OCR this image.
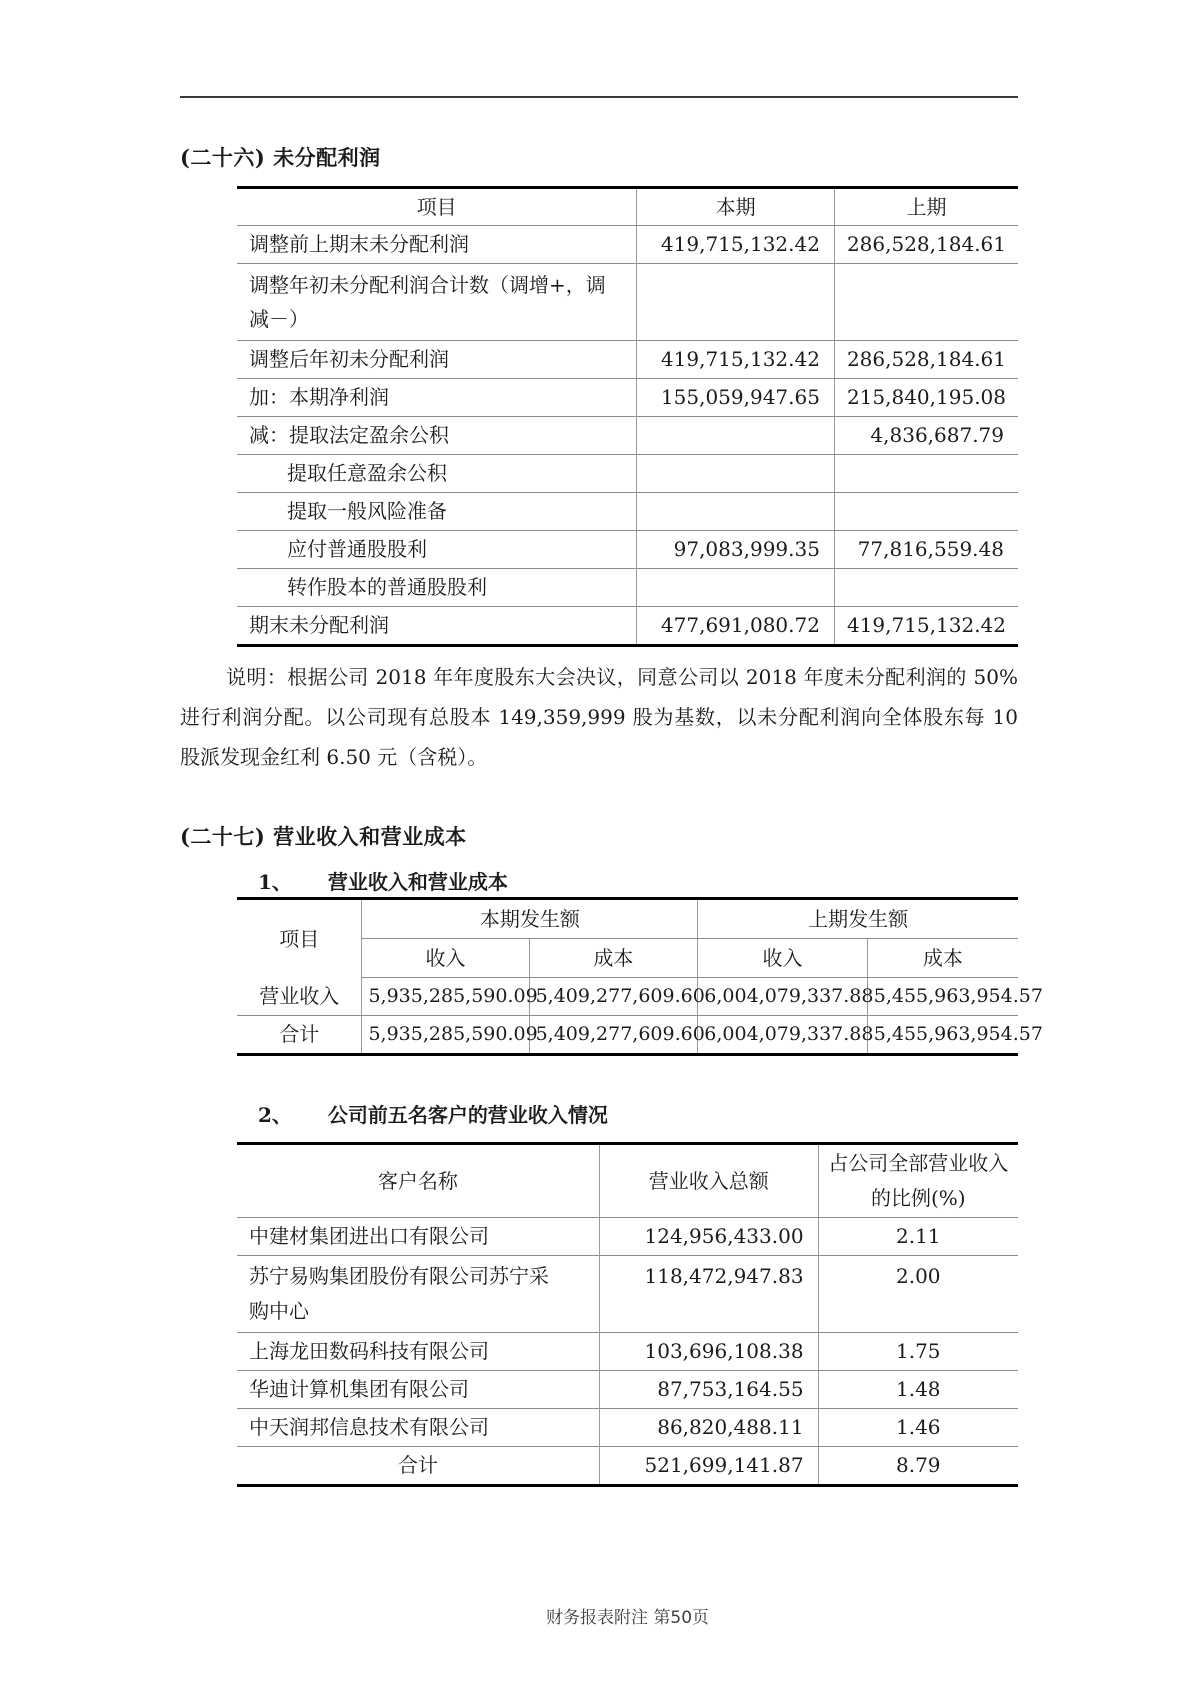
(二十六) 未分配利润
项目	本期	上期
调整前上期末未分配利润	419,715,132.42	286,528,184.61
调整年初未分配利润合计数（调增+，调减－）		
调整后年初未分配利润	419,715,132.42	286,528,184.61
加：本期净利润	155,059,947.65	215,840,195.08
减：提取法定盈余公积		4,836,687.79
提取任意盈余公积		
提取一般风险准备		
应付普通股股利	97,083,999.35	77,816,559.48
转作股本的普通股股利		
期末未分配利润	477,691,080.72	419,715,132.42
说明：根据公司 2018 年年度股东大会决议，同意公司以 2018 年度未分配利润的 50%
进行利润分配。以公司现有总股本 149,359,999 股为基数，以未分配利润向全体股东每 10
股派发现金红利 6.50 元（含税）。
(二十七) 营业收入和营业成本
1、 营业收入和营业成本
项目	本期发生额		上期发生额	
	收入	成本	收入	成本
营业收入	5,935,285,590.09	5,409,277,609.60	6,004,079,337.88	5,455,963,954.57
合计	5,935,285,590.09	5,409,277,609.60	6,004,079,337.88	5,455,963,954.57
2、 公司前五名客户的营业收入情况
客户名称	营业收入总额	占公司全部营业收入的比例(%)
中建材集团进出口有限公司	124,956,433.00	2.11
苏宁易购集团股份有限公司苏宁采购中心	118,472,947.83	2.00
上海龙田数码科技有限公司	103,696,108.38	1.75
华迪计算机集团有限公司	87,753,164.55	1.48
中天润邦信息技术有限公司	86,820,488.11	1.46
合计	521,699,141.87	8.79
财务报表附注 第50页
